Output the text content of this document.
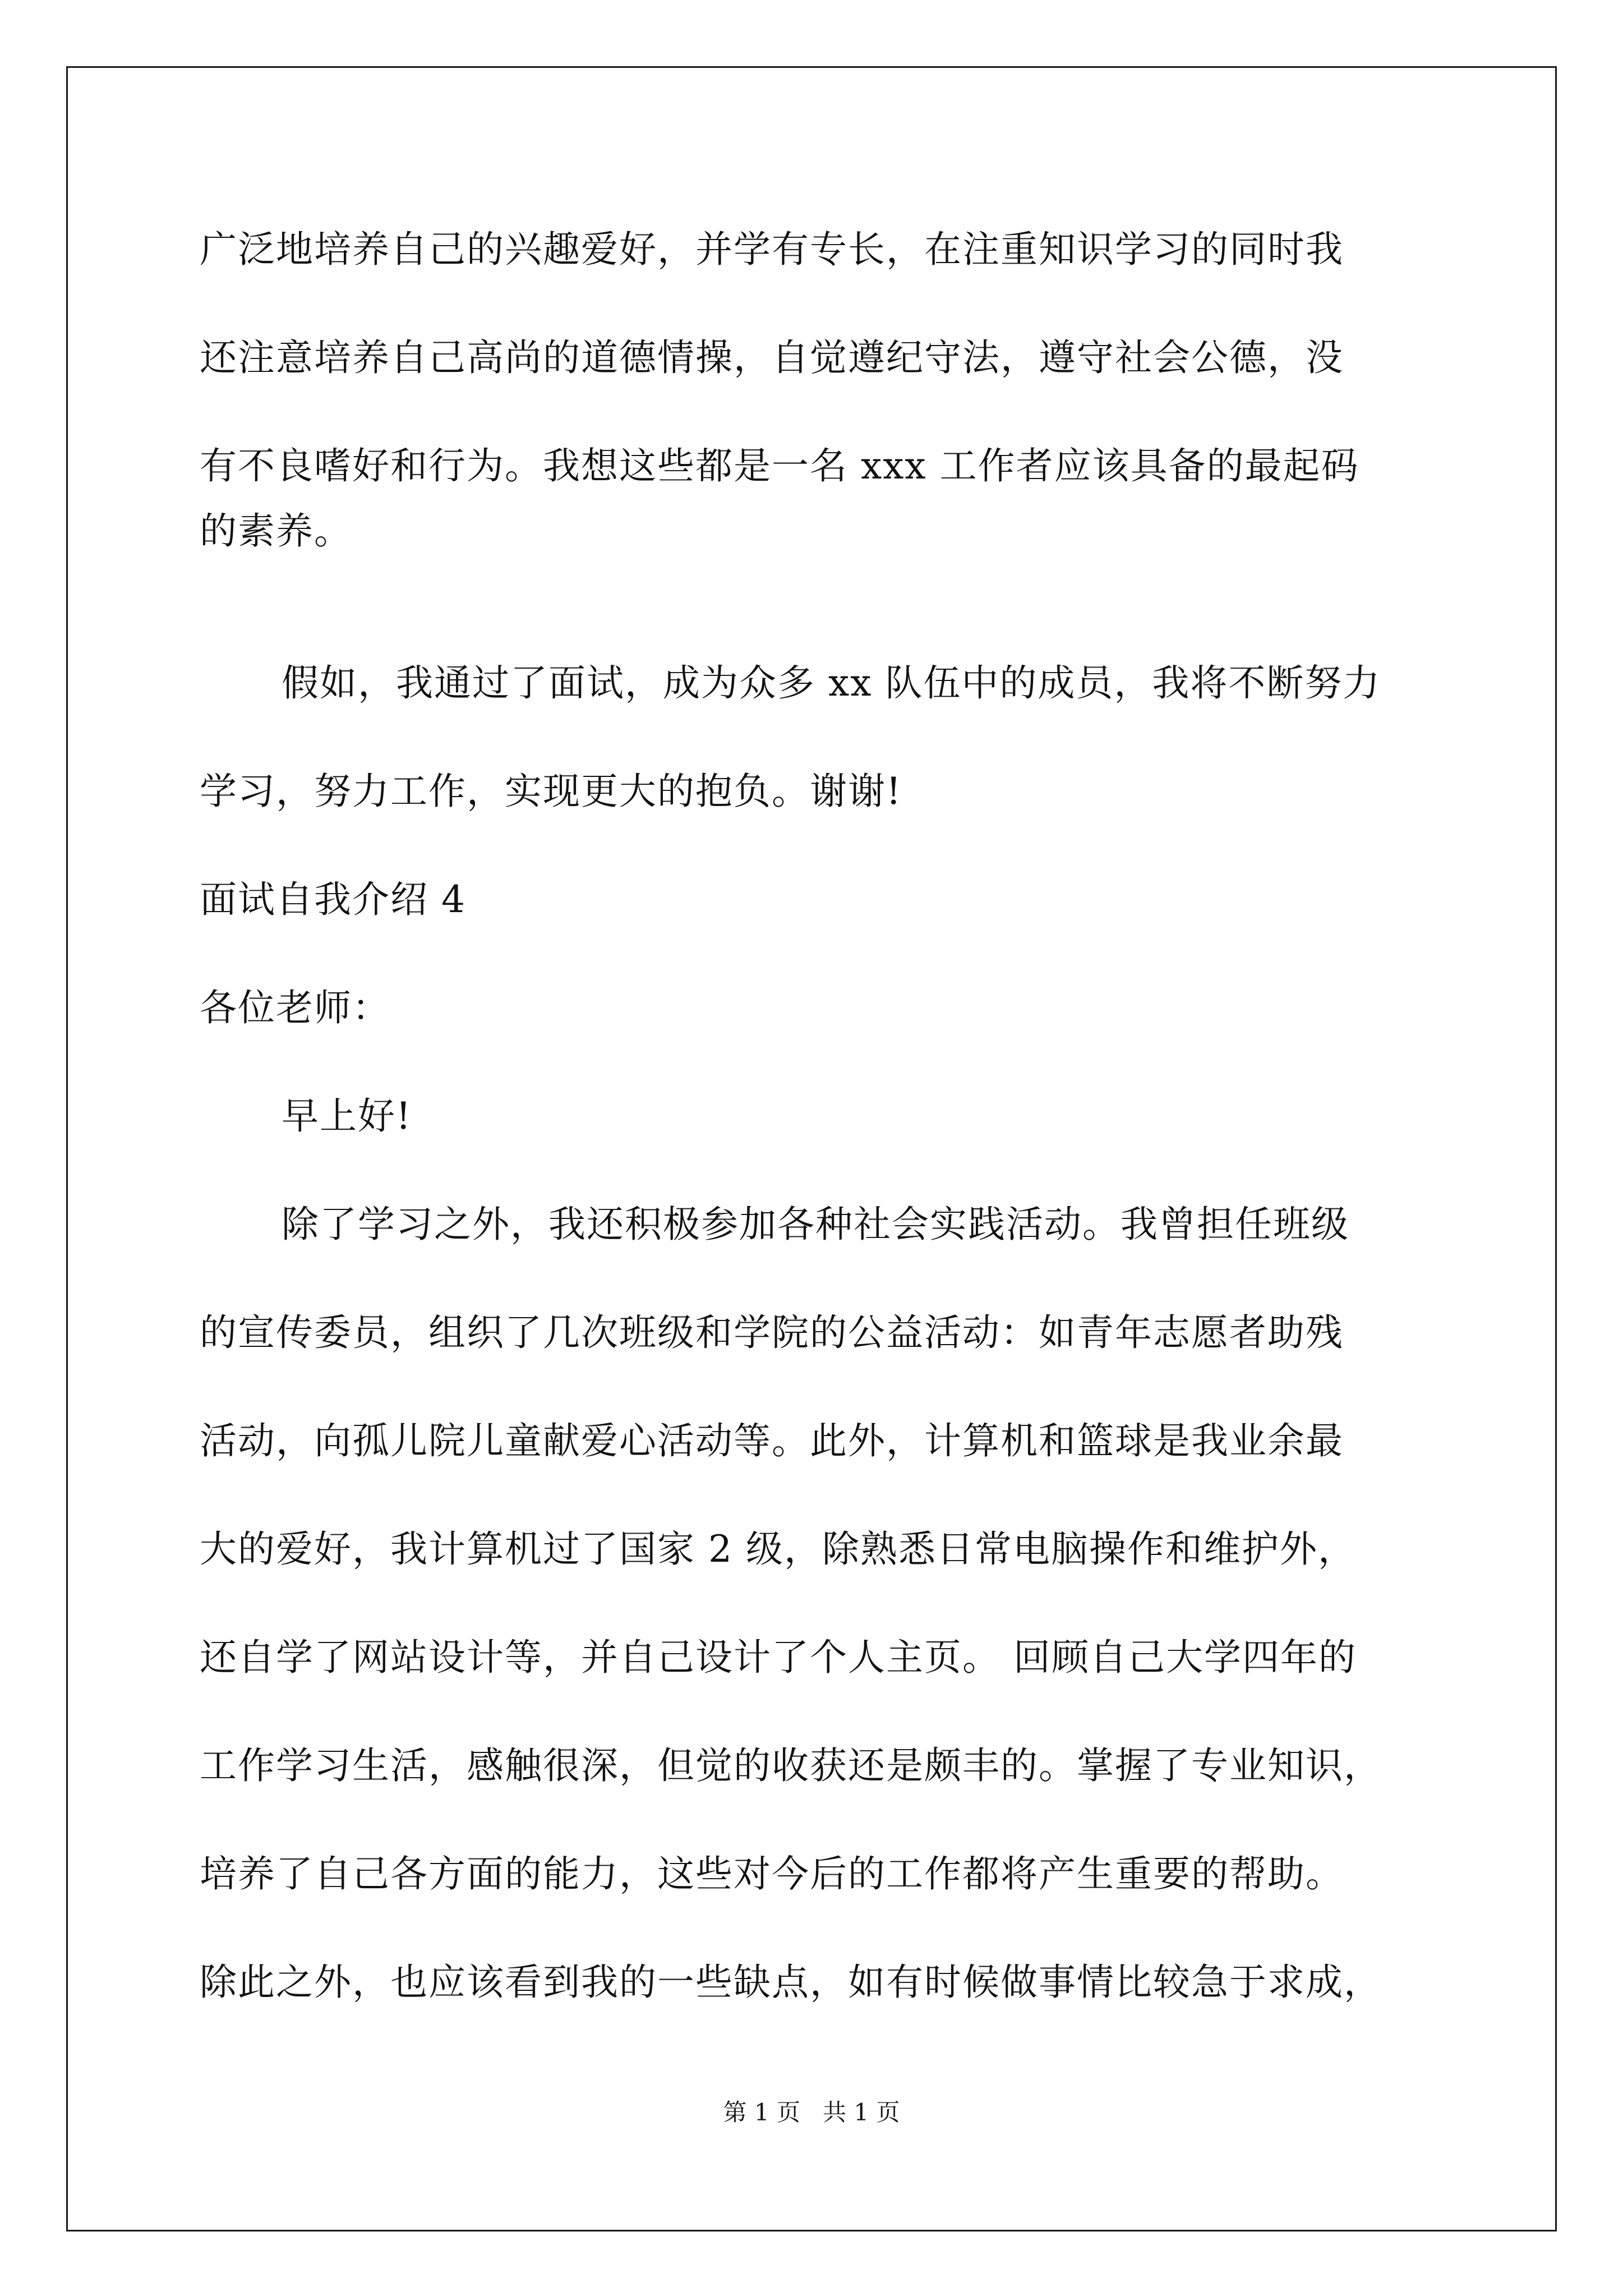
广泛地培养自己的兴趣爱好，并学有专长，在注重知识学习的同时我
还注意培养自己高尚的道德情操，自觉遵纪守法，遵守社会公德，没
有不良嗜好和行为。我想这些都是一名 xxx 工作者应该具备的最起码
的素养。
假如，我通过了面试，成为众多 xx 队伍中的成员，我将不断努力
学习，努力工作，实现更大的抱负。谢谢!
面试自我介绍 4
各位老师：
早上好!
除了学习之外，我还积极参加各种社会实践活动。我曾担任班级
的宣传委员，组织了几次班级和学院的公益活动：如青年志愿者助残
活动，向孤儿院儿童献爱心活动等。此外，计算机和篮球是我业余最
大的爱好，我计算机过了国家 2 级，除熟悉日常电脑操作和维护外，
还自学了网站设计等，并自己设计了个人主页。 回顾自己大学四年的
工作学习生活，感触很深，但觉的收获还是颇丰的。掌握了专业知识，
培养了自己各方面的能力，这些对今后的工作都将产生重要的帮助。
除此之外，也应该看到我的一些缺点，如有时候做事情比较急于求成，
第 1 页   共 1 页
